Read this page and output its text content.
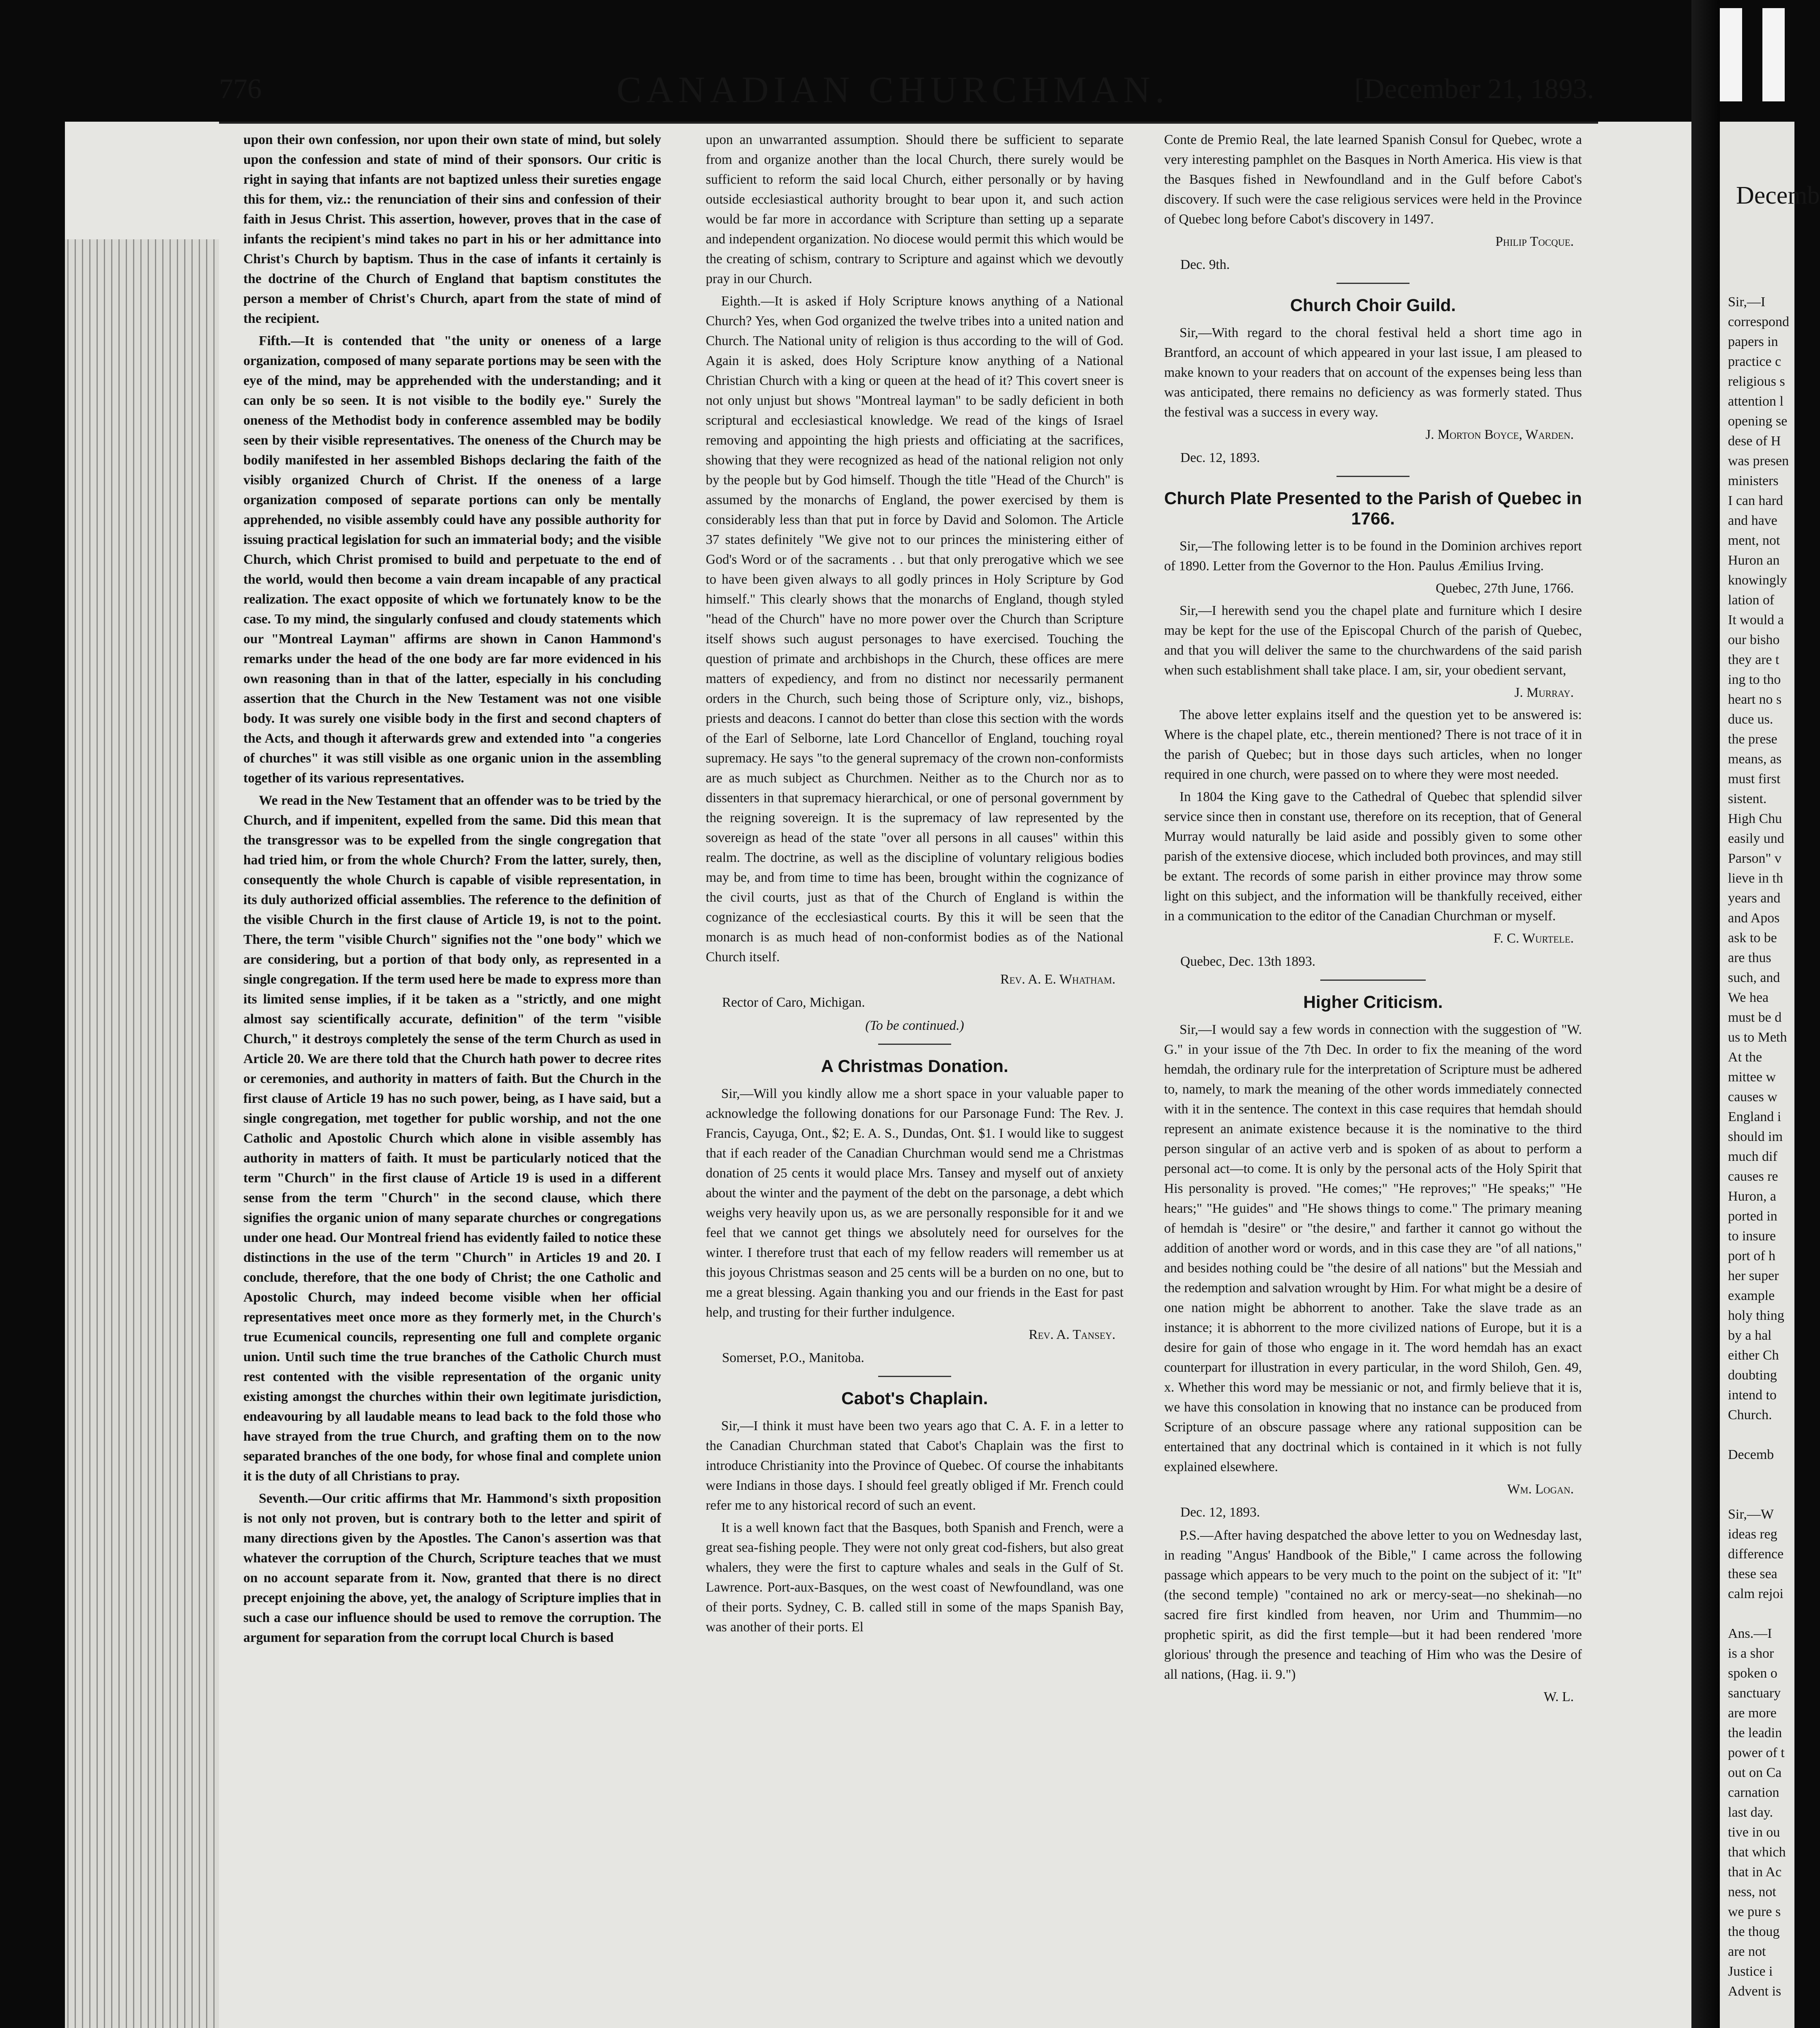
776	CANADIAN CHURCHMAN.	[December 21, 1893.

upon their own confession, nor upon their own state of mind, but solely upon the confession and state of mind of their sponsors. Our critic is right in saying that infants are not baptized unless their sureties engage this for them, viz.: the renunciation of their sins and confession of their faith in Jesus Christ. This assertion, however, proves that in the case of infants the recipient's mind takes no part in his or her admittance into Christ's Church by baptism. Thus in the case of infants it certainly is the doctrine of the Church of England that baptism constitutes the person a member of Christ's Church, apart from the state of mind of the recipient.

Fifth.—It is contended that "the unity or oneness of a large organization, composed of many separate portions may be seen with the eye of the mind, may be apprehended with the understanding; and it can only be so seen. It is not visible to the bodily eye." Surely the oneness of the Methodist body in conference assembled may be bodily seen by their visible representatives. The oneness of the Church may be bodily manifested in her assembled Bishops declaring the faith of the visibly organized Church of Christ. If the oneness of a large organization composed of separate portions can only be mentally apprehended, no visible assembly could have any possible authority for issuing practical legislation for such an immaterial body; and the visible Church, which Christ promised to build and perpetuate to the end of the world, would then become a vain dream incapable of any practical realization. The exact opposite of which we fortunately know to be the case. To my mind, the singularly confused and cloudy statements which our "Montreal Layman" affirms are shown in Canon Hammond's remarks under the head of the one body are far more evidenced in his own reasoning than in that of the latter, especially in his concluding assertion that the Church in the New Testament was not one visible body. It was surely one visible body in the first and second chapters of the Acts, and though it afterwards grew and extended into "a congeries of churches" it was still visible as one organic union in the assembling together of its various representatives.

We read in the New Testament that an offender was to be tried by the Church, and if impenitent, expelled from the same. Did this mean that the transgressor was to be expelled from the single congregation that had tried him, or from the whole Church? From the latter, surely, then, consequently the whole Church is capable of visible representation, in its duly authorized official assemblies. The reference to the definition of the visible Church in the first clause of Article 19, is not to the point. There, the term "visible Church" signifies not the "one body" which we are considering, but a portion of that body only, as represented in a single congregation. If the term used here be made to express more than its limited sense implies, if it be taken as a "strictly, and one might almost say scientifically accurate, definition" of the term "visible Church," it destroys completely the sense of the term Church as used in Article 20. We are there told that the Church hath power to decree rites or ceremonies, and authority in matters of faith. But the Church in the first clause of Article 19 has no such power, being, as I have said, but a single congregation, met together for public worship, and not the one Catholic and Apostolic Church which alone in visible assembly has authority in matters of faith. It must be particularly noticed that the term "Church" in the first clause of Article 19 is used in a different sense from the term "Church" in the second clause, which there signifies the organic union of many separate churches or congregations under one head. Our Montreal friend has evidently failed to notice these distinctions in the use of the term "Church" in Articles 19 and 20. I conclude, therefore, that the one body of Christ; the one Catholic and Apostolic Church, may indeed become visible when her official representatives meet once more as they formerly met, in the Church's true Ecumenical councils, representing one full and complete organic union. Until such time the true branches of the Catholic Church must rest contented with the visible representation of the organic unity existing amongst the churches within their own legitimate jurisdiction, endeavouring by all laudable means to lead back to the fold those who have strayed from the true Church, and grafting them on to the now separated branches of the one body, for whose final and complete union it is the duty of all Christians to pray.

Seventh.—Our critic affirms that Mr. Hammond's sixth proposition is not only not proven, but is contrary both to the letter and spirit of many directions given by the Apostles. The Canon's assertion was that whatever the corruption of the Church, Scripture teaches that we must on no account separate from it. Now, granted that there is no direct precept enjoining the above, yet, the analogy of Scripture implies that in such a case our influence should be used to remove the corruption. The argument for separation from the corrupt local Church is based

upon an unwarranted assumption. Should there be sufficient to separate from and organize another than the local Church, there surely would be sufficient to reform the said local Church, either personally or by having outside ecclesiastical authority brought to bear upon it, and such action would be far more in accordance with Scripture than setting up a separate and independent organization. No diocese would permit this which would be the creating of schism, contrary to Scripture and against which we devoutly pray in our Church.

Eighth.—It is asked if Holy Scripture knows anything of a National Church? Yes, when God organized the twelve tribes into a united nation and Church. The National unity of religion is thus according to the will of God. Again it is asked, does Holy Scripture know anything of a National Christian Church with a king or queen at the head of it? This covert sneer is not only unjust but shows "Montreal layman" to be sadly deficient in both scriptural and ecclesiastical knowledge. We read of the kings of Israel removing and appointing the high priests and officiating at the sacrifices, showing that they were recognized as head of the national religion not only by the people but by God himself. Though the title "Head of the Church" is assumed by the monarchs of England, the power exercised by them is considerably less than that put in force by David and Solomon. The Article 37 states definitely "We give not to our princes the ministering either of God's Word or of the sacraments . . but that only prerogative which we see to have been given always to all godly princes in Holy Scripture by God himself." This clearly shows that the monarchs of England, though styled "head of the Church" have no more power over the Church than Scripture itself shows such august personages to have exercised. Touching the question of primate and archbishops in the Church, these offices are mere matters of expediency, and from no distinct nor necessarily permanent orders in the Church, such being those of Scripture only, viz., bishops, priests and deacons. I cannot do better than close this section with the words of the Earl of Selborne, late Lord Chancellor of England, touching royal supremacy. He says "to the general supremacy of the crown non-conformists are as much subject as Churchmen. Neither as to the Church nor as to dissenters in that supremacy hierarchical, or one of personal government by the reigning sovereign. It is the supremacy of law represented by the sovereign as head of the state "over all persons in all causes" within this realm. The doctrine, as well as the discipline of voluntary religious bodies may be, and from time to time has been, brought within the cognizance of the civil courts, just as that of the Church of England is within the cognizance of the ecclesiastical courts. By this it will be seen that the monarch is as much head of non-conformist bodies as of the National Church itself.

Rev. A. E. Whatham.
Rector of Caro, Michigan.
(To be continued.)
A Christmas Donation.

Sir,—Will you kindly allow me a short space in your valuable paper to acknowledge the following donations for our Parsonage Fund: The Rev. J. Francis, Cayuga, Ont., $2; E. A. S., Dundas, Ont. $1. I would like to suggest that if each reader of the Canadian Churchman would send me a Christmas donation of 25 cents it would place Mrs. Tansey and myself out of anxiety about the winter and the payment of the debt on the parsonage, a debt which weighs very heavily upon us, as we are personally responsible for it and we feel that we cannot get things we absolutely need for ourselves for the winter. I therefore trust that each of my fellow readers will remember us at this joyous Christmas season and 25 cents will be a burden on no one, but to me a great blessing. Again thanking you and our friends in the East for past help, and trusting for their further indulgence.

Rev. A. Tansey.
Somerset, P.O., Manitoba.
Cabot's Chaplain.

Sir,—I think it must have been two years ago that C. A. F. in a letter to the Canadian Churchman stated that Cabot's Chaplain was the first to introduce Christianity into the Province of Quebec. Of course the inhabitants were Indians in those days. I should feel greatly obliged if Mr. French could refer me to any historical record of such an event.

It is a well known fact that the Basques, both Spanish and French, were a great sea-fishing people. They were not only great cod-fishers, but also great whalers, they were the first to capture whales and seals in the Gulf of St. Lawrence. Port-aux-Basques, on the west coast of Newfoundland, was one of their ports. Sydney, C. B. called still in some of the maps Spanish Bay, was another of their ports. El

Conte de Premio Real, the late learned Spanish Consul for Quebec, wrote a very interesting pamphlet on the Basques in North America. His view is that the Basques fished in Newfoundland and in the Gulf before Cabot's discovery. If such were the case religious services were held in the Province of Quebec long before Cabot's discovery in 1497.

Philip Tocque.
Dec. 9th.
Church Choir Guild.

Sir,—With regard to the choral festival held a short time ago in Brantford, an account of which appeared in your last issue, I am pleased to make known to your readers that on account of the expenses being less than was anticipated, there remains no deficiency as was formerly stated. Thus the festival was a success in every way.

J. Morton Boyce, Warden.
Dec. 12, 1893.
Church Plate Presented to the Parish of Quebec in 1766.

Sir,—The following letter is to be found in the Dominion archives report of 1890. Letter from the Governor to the Hon. Paulus Æmilius Irving.

Quebec, 27th June, 1766.

Sir,—I herewith send you the chapel plate and furniture which I desire may be kept for the use of the Episcopal Church of the parish of Quebec, and that you will deliver the same to the churchwardens of the said parish when such establishment shall take place. I am, sir, your obedient servant,

J. Murray.

The above letter explains itself and the question yet to be answered is: Where is the chapel plate, etc., therein mentioned? There is not trace of it in the parish of Quebec; but in those days such articles, when no longer required in one church, were passed on to where they were most needed.

In 1804 the King gave to the Cathedral of Quebec that splendid silver service since then in constant use, therefore on its reception, that of General Murray would naturally be laid aside and possibly given to some other parish of the extensive diocese, which included both provinces, and may still be extant. The records of some parish in either province may throw some light on this subject, and the information will be thankfully received, either in a communication to the editor of the Canadian Churchman or myself.

F. C. Wurtele.
Quebec, Dec. 13th 1893.
Higher Criticism.

Sir,—I would say a few words in connection with the suggestion of "W. G." in your issue of the 7th Dec. In order to fix the meaning of the word hemdah, the ordinary rule for the interpretation of Scripture must be adhered to, namely, to mark the meaning of the other words immediately connected with it in the sentence. The context in this case requires that hemdah should represent an animate existence because it is the nominative to the third person singular of an active verb and is spoken of as about to perform a personal act—to come. It is only by the personal acts of the Holy Spirit that His personality is proved. "He comes;" "He reproves;" "He speaks;" "He hears;" "He guides" and "He shows things to come." The primary meaning of hemdah is "desire" or "the desire," and farther it cannot go without the addition of another word or words, and in this case they are "of all nations," and besides nothing could be "the desire of all nations" but the Messiah and the redemption and salvation wrought by Him. For what might be a desire of one nation might be abhorrent to another. Take the slave trade as an instance; it is abhorrent to the more civilized nations of Europe, but it is a desire for gain of those who engage in it. The word hemdah has an exact counterpart for illustration in every particular, in the word Shiloh, Gen. 49, x. Whether this word may be messianic or not, and firmly believe that it is, we have this consolation in knowing that no instance can be produced from Scripture of an obscure passage where any rational supposition can be entertained that any doctrinal which is contained in it which is not fully explained elsewhere.

Wm. Logan.
Dec. 12, 1893.

P.S.—After having despatched the above letter to you on Wednesday last, in reading "Angus' Handbook of the Bible," I came across the following passage which appears to be very much to the point on the subject of it: "It" (the second temple) "contained no ark or mercy-seat—no shekinah—no sacred fire first kindled from heaven, nor Urim and Thummim—no prophetic spirit, as did the first temple—but it had been rendered 'more glorious' through the presence and teaching of Him who was the Desire of all nations, (Hag. ii. 9.")

W. L.
Decemb
Sir,—I
correspond
papers in
practice c
religious s
attention l
opening se
dese of H
was presen
ministers
I can hard
and have
ment, not
Huron an
knowingly
lation of
It would a
our bisho
they are t
ing to tho
heart no s
duce us.
the prese
means, as
must first
sistent.
High Chu
easily und
Parson" v
lieve in th
years and
and Apos
ask to be
are thus
such, and
We hea
must be d
us to Meth
At the
mittee w
causes w
England i
should im
much dif
causes re
Huron, a
ported in
to insure
port of h
her super
example
holy thing
by a hal
either Ch
doubting
intend to
Church.

Decemb

Sir,—W
ideas reg
difference
these sea
calm rejoi

Ans.—I
is a shor
spoken o
sanctuary
are more
the leadin
power of t
out on Ca
carnation
last day.
tive in ou
that which
that in Ac
ness, not
we pure s
the thoug
are not
Justice i
Advent is
